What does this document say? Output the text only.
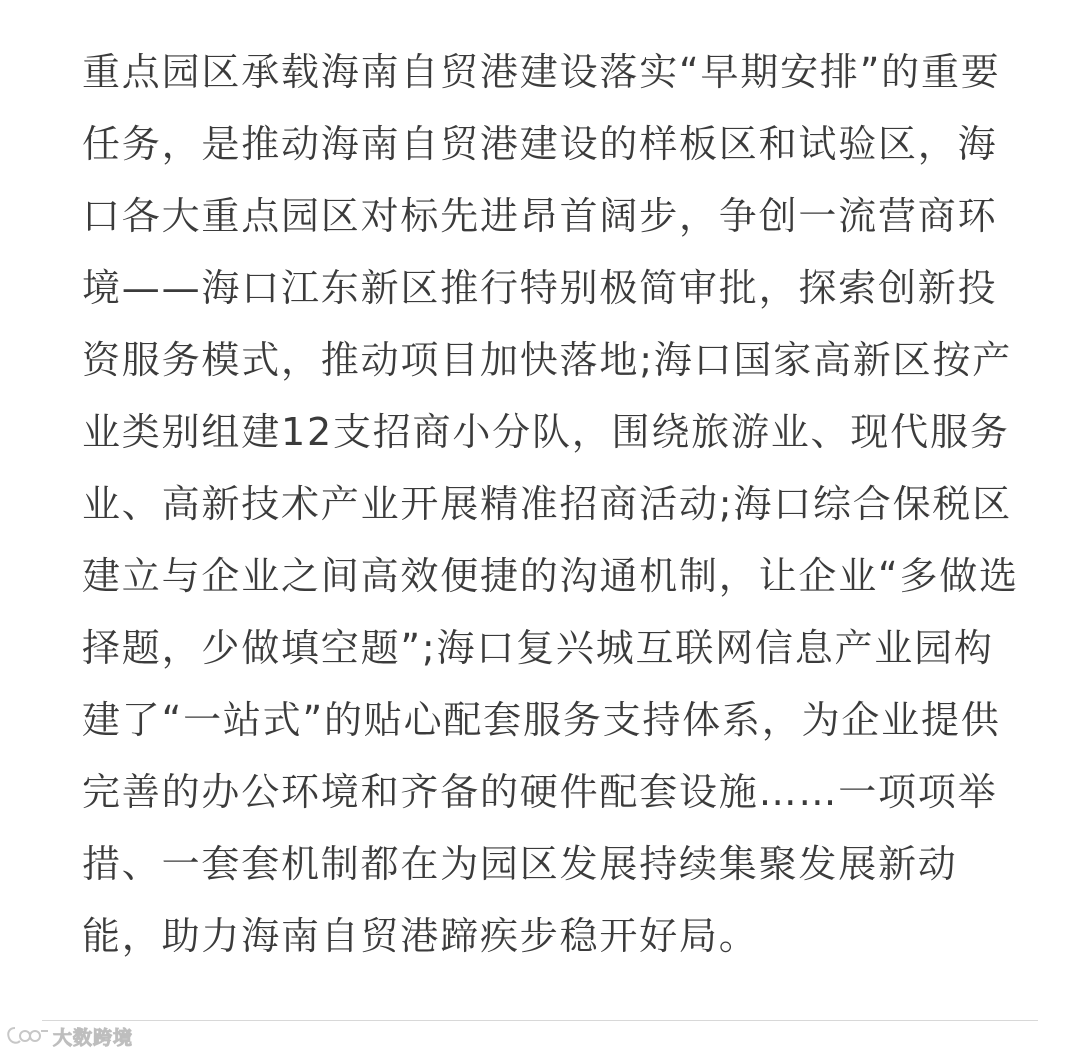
重点园区承载海南自贸港建设落实“早期安排”的重要
任务，是推动海南自贸港建设的样板区和试验区，海
口各大重点园区对标先进昂首阔步，争创一流营商环
境——海口江东新区推行特别极简审批，探索创新投
资服务模式，推动项目加快落地;海口国家高新区按产
业类别组建12支招商小分队，围绕旅游业、现代服务
业、高新技术产业开展精准招商活动;海口综合保税区
建立与企业之间高效便捷的沟通机制，让企业“多做选
择题，少做填空题”;海口复兴城互联网信息产业园构
建了“一站式”的贴心配套服务支持体系，为企业提供
完善的办公环境和齐备的硬件配套设施……一项项举
措、一套套机制都在为园区发展持续集聚发展新动
能，助力海南自贸港蹄疾步稳开好局。
大数跨境
